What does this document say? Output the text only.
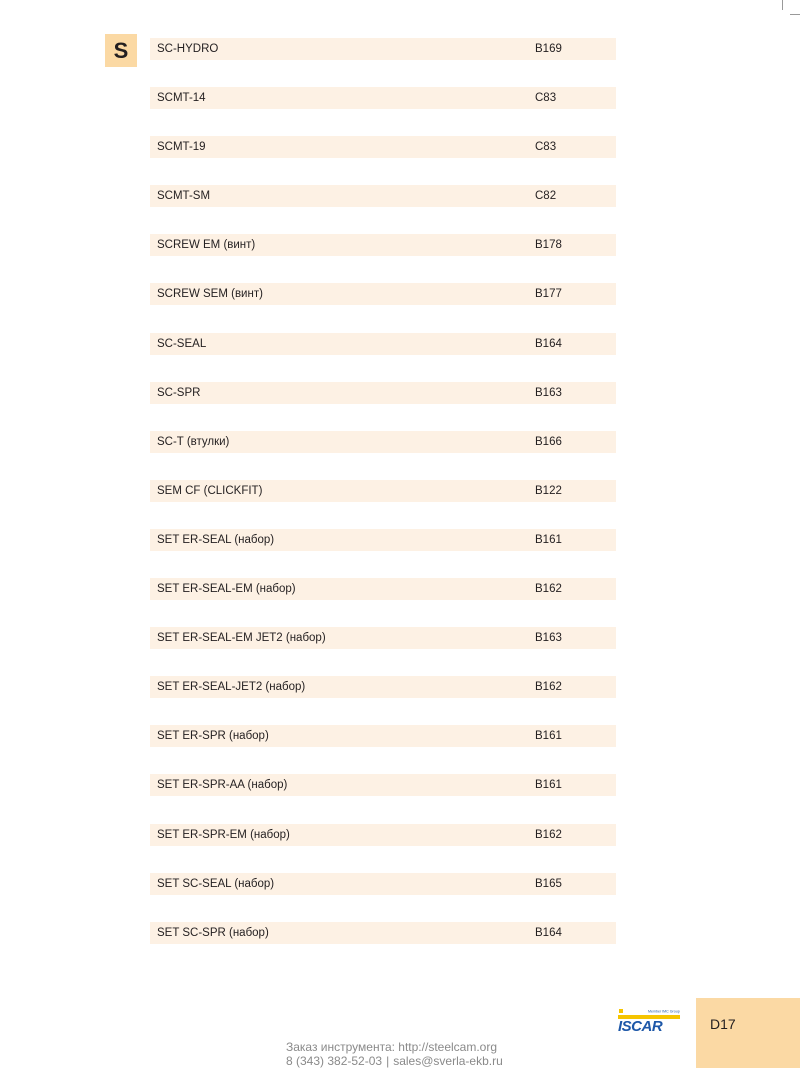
S	SC-HYDRO	B169
SCMT-14	C83
SCMT-19	C83
SCMT-SM	C82
SCREW EM (винт)	B178
SCREW SEM (винт)	B177
SC-SEAL	B164
SC-SPR	B163
SC-T (втулки)	B166
SEM CF (CLICKFIT)	B122
SET ER-SEAL (набор)	B161
SET ER-SEAL-EM (набор)	B162
SET ER-SEAL-EM JET2 (набор)	B163
SET ER-SEAL-JET2 (набор)	B162
SET ER-SPR (набор)	B161
SET ER-SPR-AA (набор)	B161
SET ER-SPR-EM (набор)	B162
SET SC-SEAL (набор)	B165
SET SC-SPR (набор)	B164
Заказ инструмента: http://steelcam.org
8 (343) 382-52-03 | sales@sverla-ekb.ru
Member IMC Group
ISCAR	D17
